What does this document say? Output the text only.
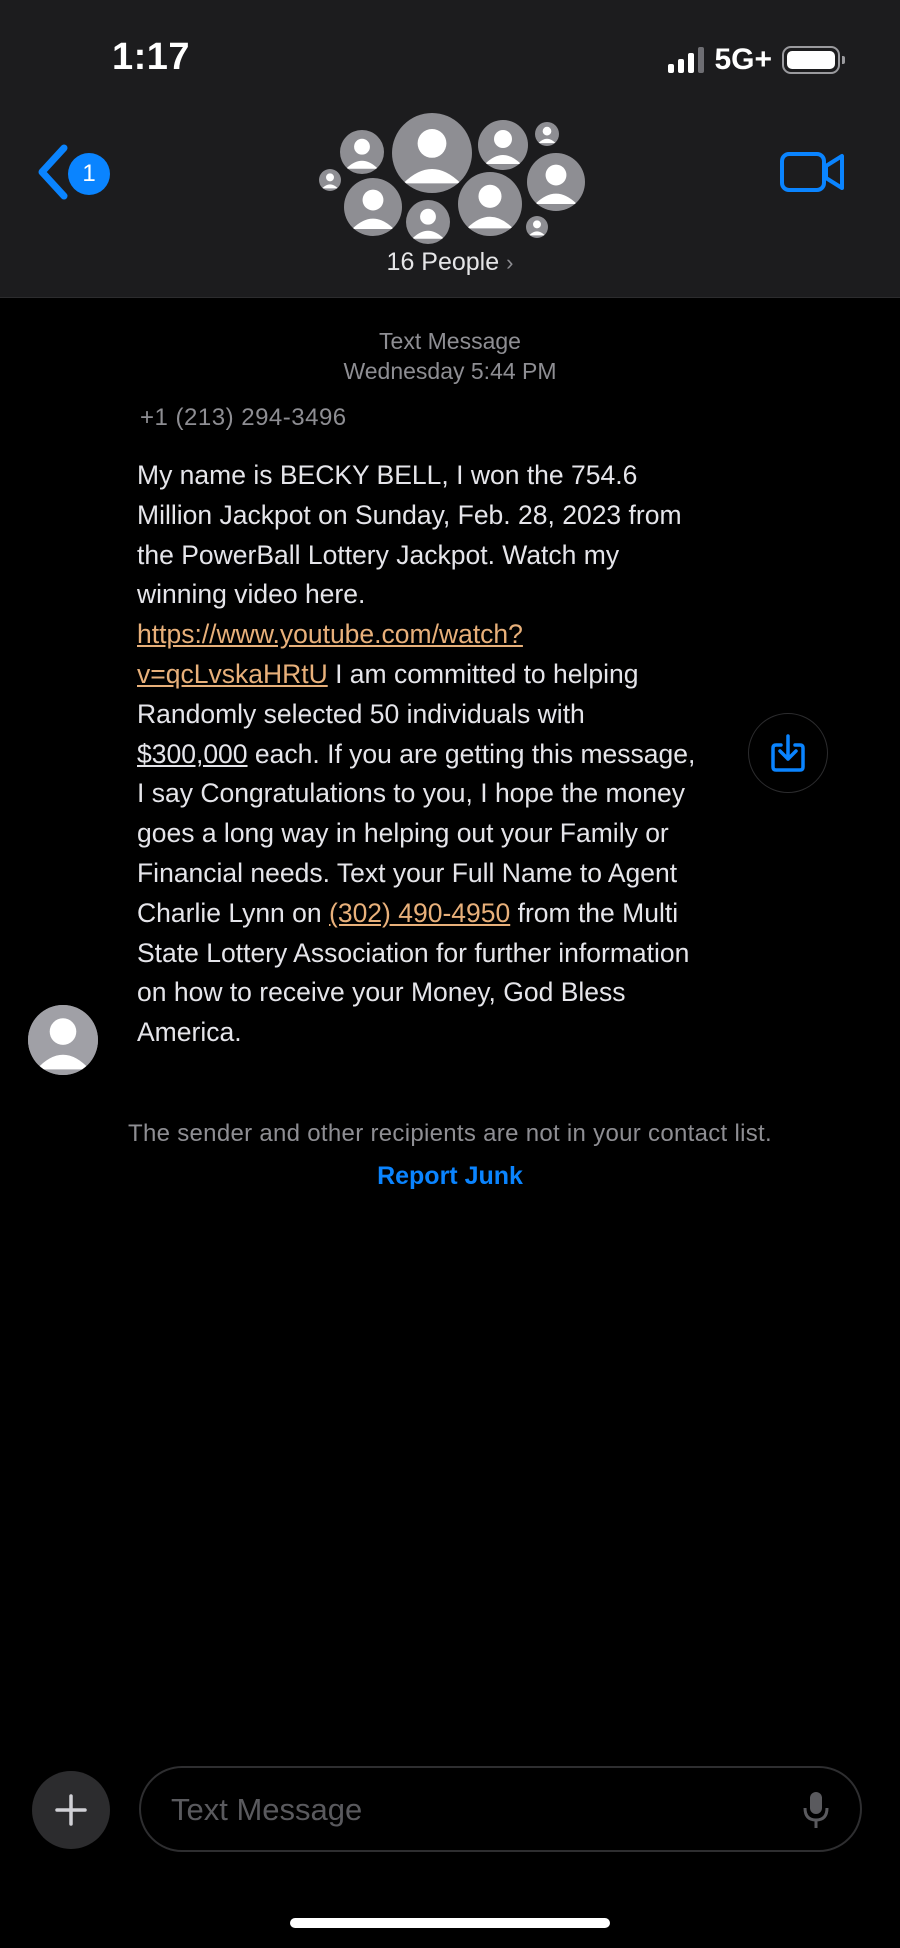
1:17	5G+
1
16 People ›
Text Message
Wednesday 5:44 PM
+1 (213) 294-3496
My name is BECKY BELL, I won the 754.6 Million Jackpot on Sunday, Feb. 28, 2023 from the PowerBall Lottery Jackpot. Watch my winning video here. https://www.youtube.com/watch?v=qcLvskaHRtU I am committed to helping Randomly selected 50 individuals with $300,000 each. If you are getting this message, I say Congratulations to you, I hope the money goes a long way in helping out your Family or Financial needs. Text your Full Name to Agent Charlie Lynn on (302) 490-4950 from the Multi State Lottery Association for further information on how to receive your Money, God Bless America.
The sender and other recipients are not in your contact list.
Report Junk
Text Message
